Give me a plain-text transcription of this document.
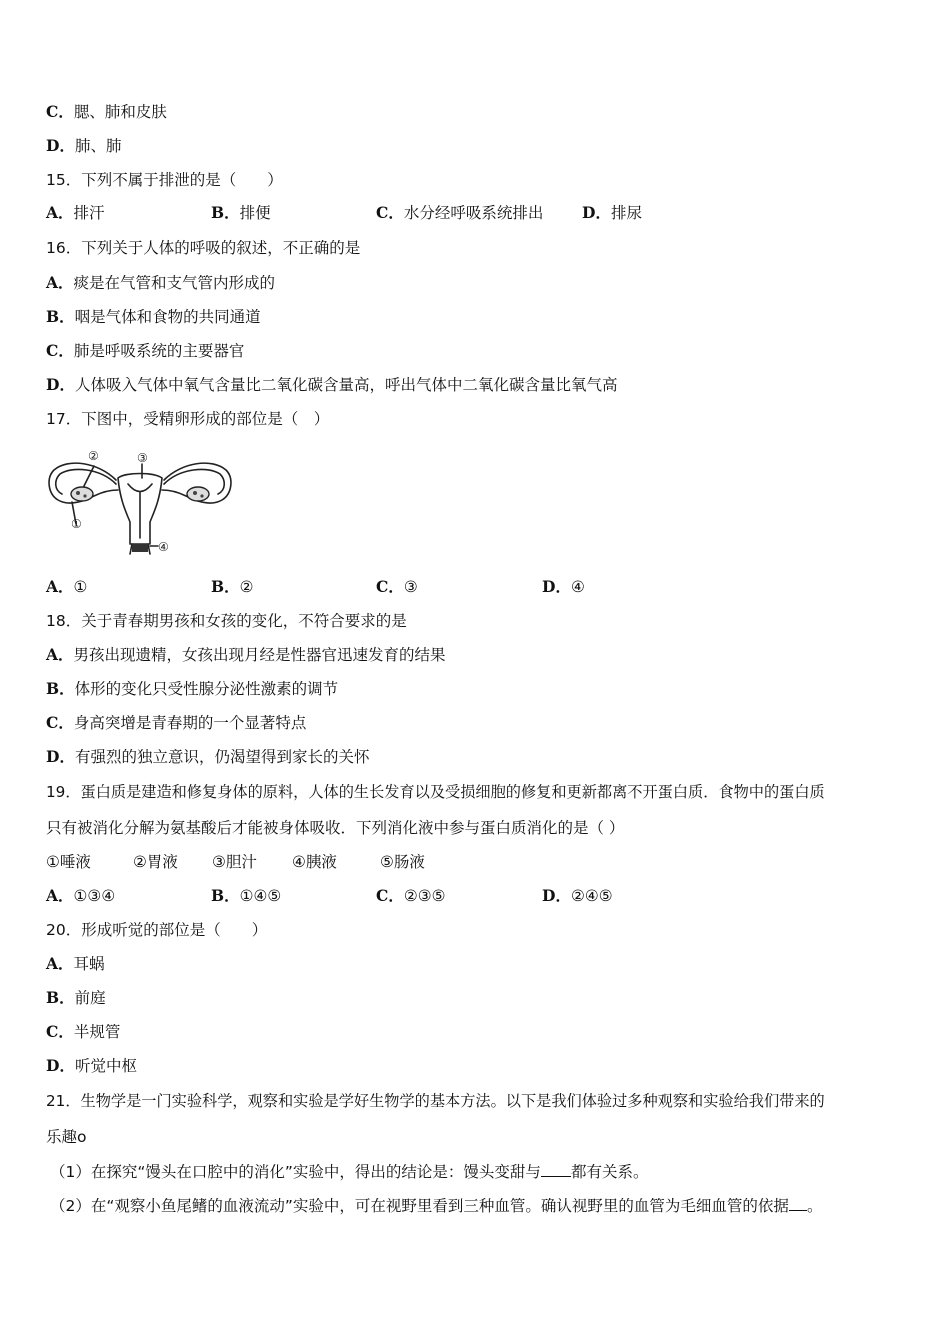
C．腮、肺和皮肤
D．肺、肺
15．下列不属于排泄的是（　　）
A．排汗	B．排便	C．水分经呼吸系统排出 D．排尿
16．下列关于人体的呼吸的叙述，不正确的是
A．痰是在气管和支气管内形成的
B．咽是气体和食物的共同通道
C．肺是呼吸系统的主要器官
D．人体吸入气体中氧气含量比二氧化碳含量高，呼出气体中二氧化碳含量比氧气高
17．下图中，受精卵形成的部位是（　）
②	③
①
④
A．①	B．②	C．③	D．④
18．关于青春期男孩和女孩的变化，不符合要求的是
A．男孩出现遗精，女孩出现月经是性器官迅速发育的结果
B．体形的变化只受性腺分泌性激素的调节
C．身高突增是青春期的一个显著特点
D．有强烈的独立意识，仍渴望得到家长的关怀
19．蛋白质是建造和修复身体的原料，人体的生长发育以及受损细胞的修复和更新都离不开蛋白质．食物中的蛋白质
只有被消化分解为氨基酸后才能被身体吸收．下列消化液中参与蛋白质消化的是（ ）
①唾液	②胃液 ③胆汁 ④胰液	⑤肠液
A．①③④	B．①④⑤	C．②③⑤	D．②④⑤
20．形成听觉的部位是（　　）
A．耳蜗
B．前庭
C．半规管
D．听觉中枢
21．生物学是一门实验科学，观察和实验是学好生物学的基本方法。以下是我们体验过多种观察和实验给我们带来的
乐趣o
（1）在探究“馒头在口腔中的消化”实验中，得出的结论是：馒头变甜与 都有关系。
（2）在“观察小鱼尾鳍的血液流动”实验中，可在视野里看到三种血管。确认视野里的血管为毛细血管的依据 。
